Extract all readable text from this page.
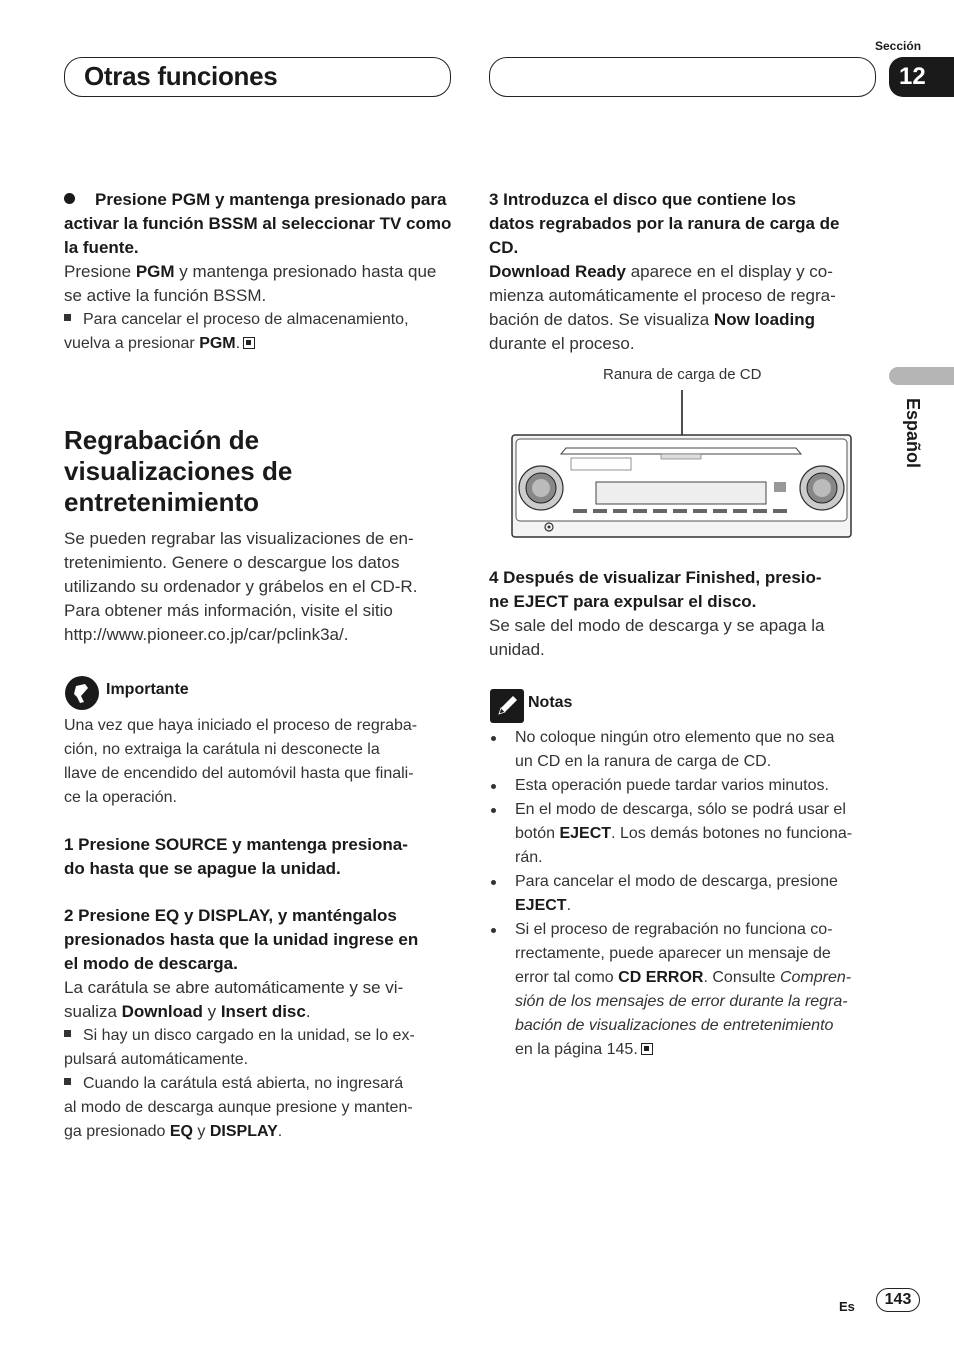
Otras funciones
Sección
12
Español

Presione PGM y mantenga presionado para activar la función BSSM al seleccionar TV como la fuente.

Presione PGM y mantenga presionado hasta que se active la función BSSM.

Para cancelar el proceso de almacenamiento, vuelva a presionar PGM.

Regrabación de

visualizaciones de

entretenimiento

Se pueden regrabar las visualizaciones de en-

tretenimiento. Genere o descargue los datos

utilizando su ordenador y grábelos en el CD-R.

Para obtener más información, visite el sitio

http://www.pioneer.co.jp/car/pclink3a/.

Importante

Una vez que haya iniciado el proceso de regraba-

ción, no extraiga la carátula ni desconecte la

llave de encendido del automóvil hasta que finali-

ce la operación.

1 Presione SOURCE y mantenga presiona-

do hasta que se apague la unidad.

2 Presione EQ y DISPLAY, y manténgalos

presionados hasta que la unidad ingrese en

el modo de descarga.

La carátula se abre automáticamente y se vi-

sualiza Download y Insert disc.

Si hay un disco cargado en la unidad, se lo ex-

pulsará automáticamente.

Cuando la carátula está abierta, no ingresará

al modo de descarga aunque presione y manten-

ga presionado EQ y DISPLAY.

3 Introduzca el disco que contiene los

datos regrabados por la ranura de carga de

CD.

Download Ready aparece en el display y co-

mienza automáticamente el proceso de regra-

bación de datos. Se visualiza Now loading

durante el proceso.

Ranura de carga de CD

4 Después de visualizar Finished, presio-

ne EJECT para expulsar el disco.

Se sale del modo de descarga y se apaga la

unidad.

Notas

No coloque ningún otro elemento que no sea

un CD en la ranura de carga de CD.

Esta operación puede tardar varios minutos.

En el modo de descarga, sólo se podrá usar el

botón EJECT. Los demás botones no funciona-

rán.

Para cancelar el modo de descarga, presione

EJECT.

Si el proceso de regrabación no funciona co-

rrectamente, puede aparecer un mensaje de

error tal como CD ERROR. Consulte Compren-

sión de los mensajes de error durante la regra-

bación de visualizaciones de entretenimiento

en la página 145.

Es	143
